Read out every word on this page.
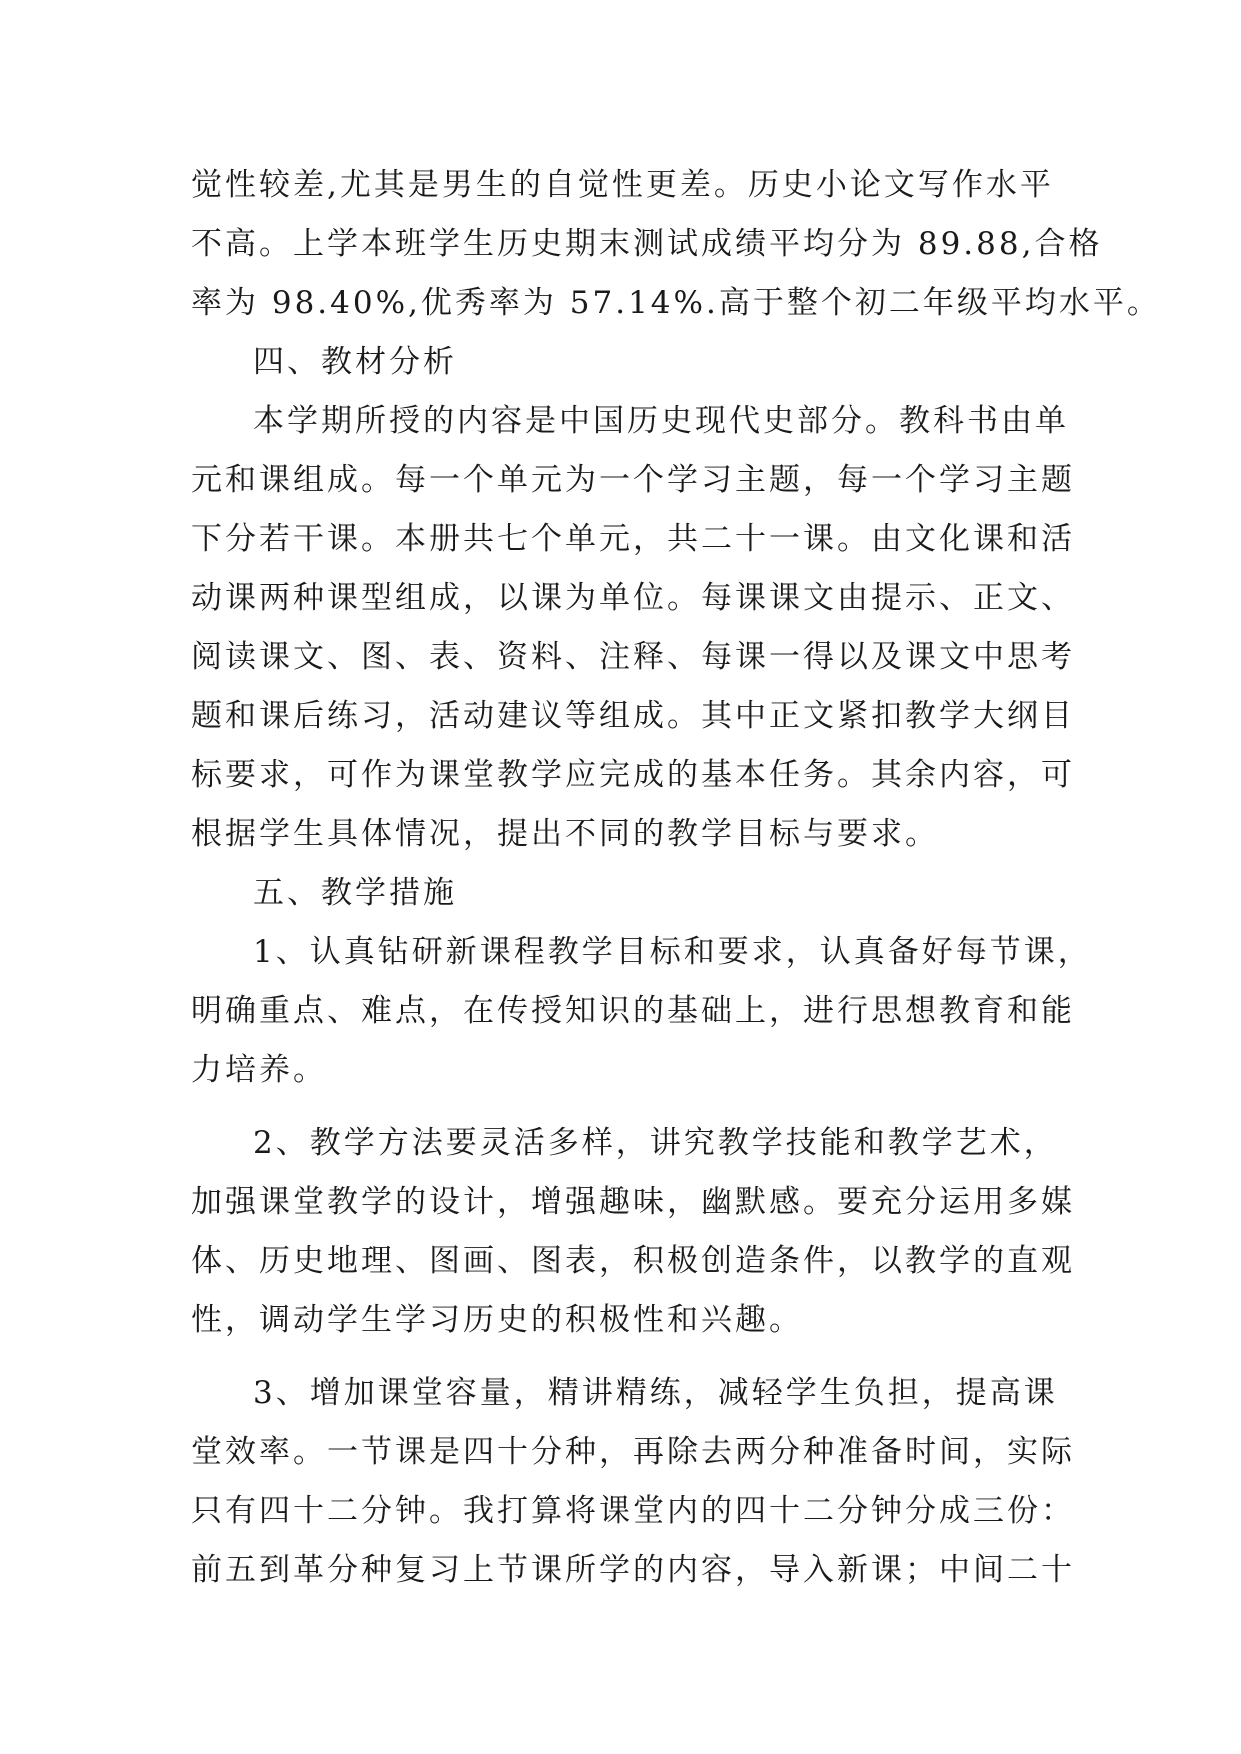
觉性较差,尤其是男生的自觉性更差。历史小论文写作水平
不高。上学本班学生历史期末测试成绩平均分为 89.88,合格
率为 98.40%,优秀率为 57.14%.高于整个初二年级平均水平。
四、教材分析
本学期所授的内容是中国历史现代史部分。教科书由单
元和课组成。每一个单元为一个学习主题，每一个学习主题
下分若干课。本册共七个单元，共二十一课。由文化课和活
动课两种课型组成，以课为单位。每课课文由提示、正文、
阅读课文、图、表、资料、注释、每课一得以及课文中思考
题和课后练习，活动建议等组成。其中正文紧扣教学大纲目
标要求，可作为课堂教学应完成的基本任务。其余内容，可
根据学生具体情况，提出不同的教学目标与要求。
五、教学措施
1、认真钻研新课程教学目标和要求，认真备好每节课，
明确重点、难点，在传授知识的基础上，进行思想教育和能
力培养。
2、教学方法要灵活多样，讲究教学技能和教学艺术，
加强课堂教学的设计，增强趣味，幽默感。要充分运用多媒
体、历史地理、图画、图表，积极创造条件，以教学的直观
性，调动学生学习历史的积极性和兴趣。
3、增加课堂容量，精讲精练，减轻学生负担，提高课
堂效率。一节课是四十分种，再除去两分种准备时间，实际
只有四十二分钟。我打算将课堂内的四十二分钟分成三份：
前五到革分种复习上节课所学的内容，导入新课；中间二十
